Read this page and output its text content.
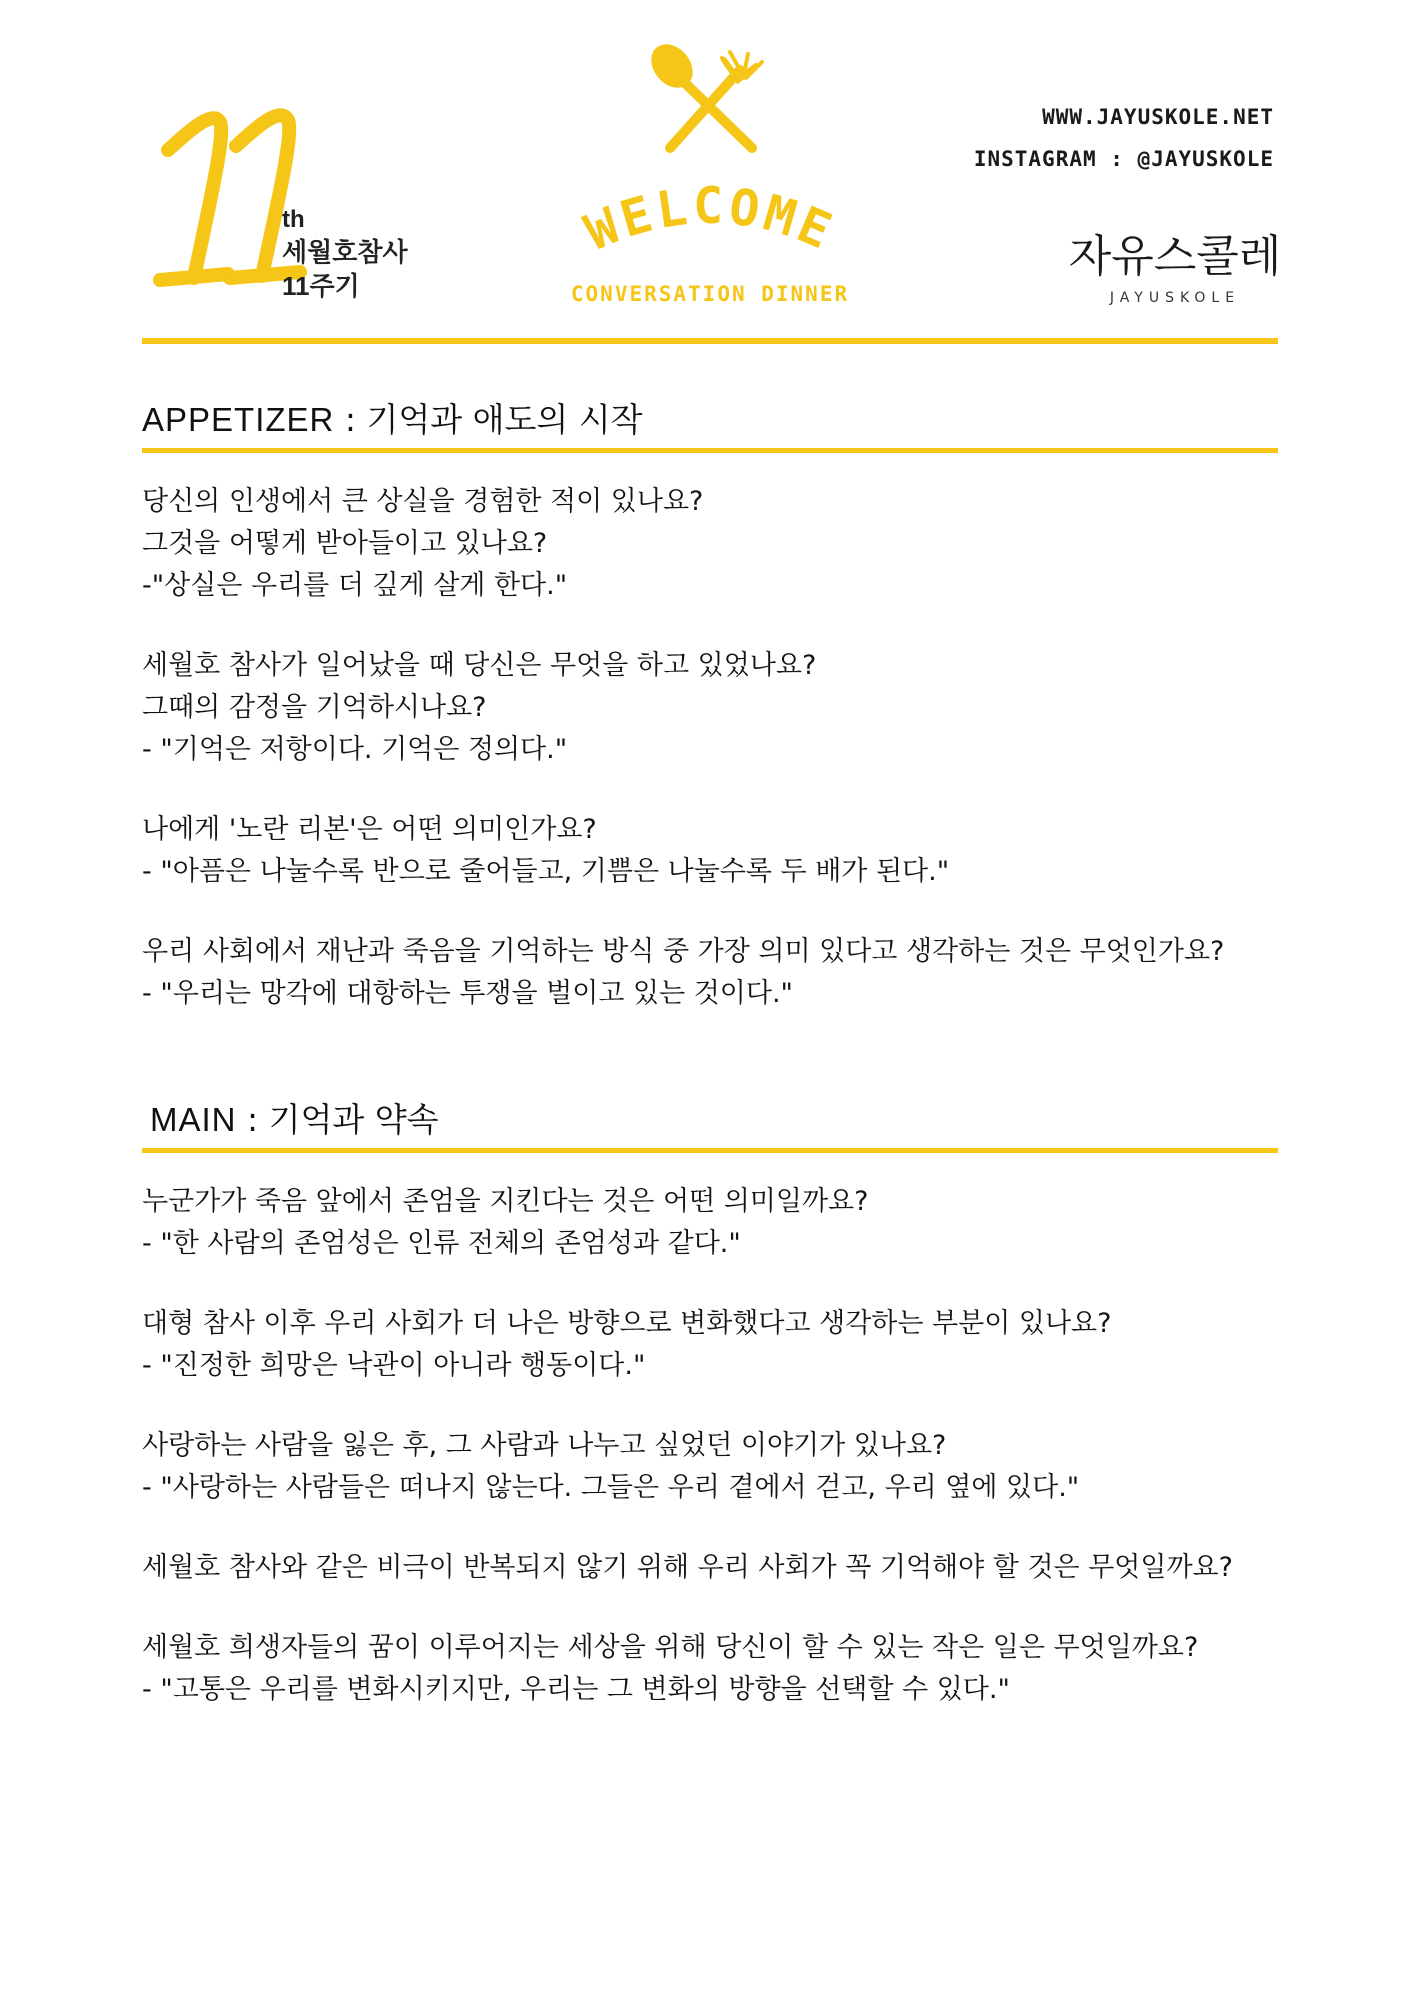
11
th
세월호참사
11주기
WELCOME
CONVERSATION DINNER
WWW.JAYUSKOLE.NET
INSTAGRAM : @JAYUSKOLE
자유스콜레
JAYUSKOLE
APPETIZER : 기억과 애도의 시작
당신의 인생에서 큰 상실을 경험한 적이 있나요?
그것을 어떻게 받아들이고 있나요?
-"상실은 우리를 더 깊게 살게 한다."
세월호 참사가 일어났을 때 당신은 무엇을 하고 있었나요?
그때의 감정을 기억하시나요?
- "기억은 저항이다. 기억은 정의다."
나에게 '노란 리본'은 어떤 의미인가요?
- "아픔은 나눌수록 반으로 줄어들고, 기쁨은 나눌수록 두 배가 된다."
우리 사회에서 재난과 죽음을 기억하는 방식 중 가장 의미 있다고 생각하는 것은 무엇인가요?
- "우리는 망각에 대항하는 투쟁을 벌이고 있는 것이다."
MAIN : 기억과 약속
누군가가 죽음 앞에서 존엄을 지킨다는 것은 어떤 의미일까요?
- "한 사람의 존엄성은 인류 전체의 존엄성과 같다."
대형 참사 이후 우리 사회가 더 나은 방향으로 변화했다고 생각하는 부분이 있나요?
- "진정한 희망은 낙관이 아니라 행동이다."
사랑하는 사람을 잃은 후, 그 사람과 나누고 싶었던 이야기가 있나요?
- "사랑하는 사람들은 떠나지 않는다. 그들은 우리 곁에서 걷고, 우리 옆에 있다."
세월호 참사와 같은 비극이 반복되지 않기 위해 우리 사회가 꼭 기억해야 할 것은 무엇일까요?
세월호 희생자들의 꿈이 이루어지는 세상을 위해 당신이 할 수 있는 작은 일은 무엇일까요?
- "고통은 우리를 변화시키지만, 우리는 그 변화의 방향을 선택할 수 있다."
